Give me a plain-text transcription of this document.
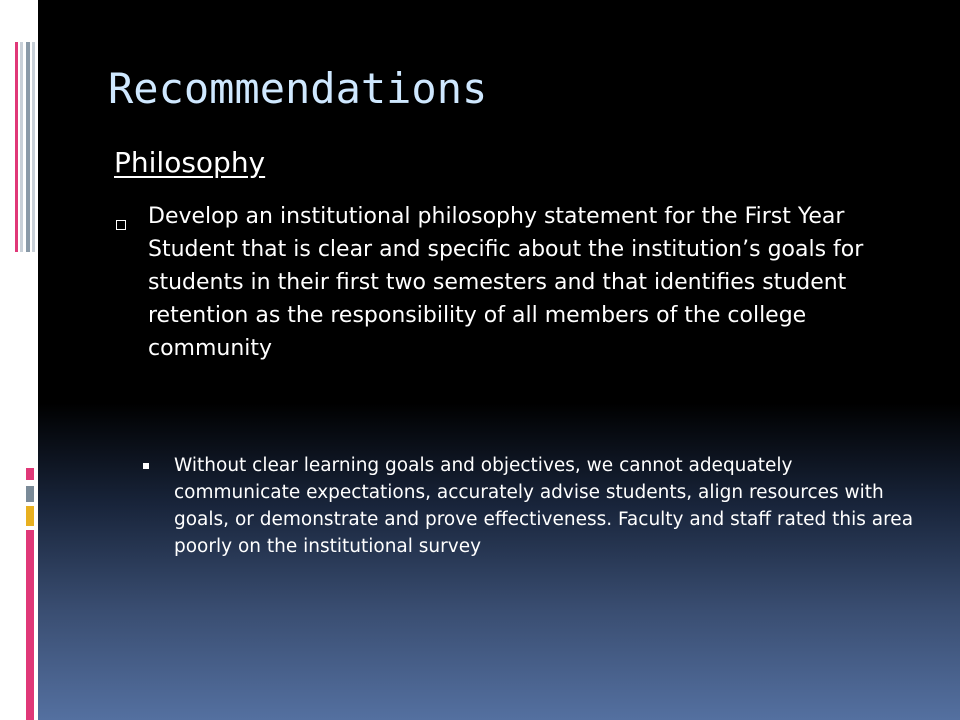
Recommendations
Philosophy

Develop an institutional philosophy statement for the First Year Student that is clear and specific about the institution’s goals for students in their first two semesters and that identifies student retention as the responsibility of all members of the college community

Without clear learning goals and objectives, we cannot adequately communicate expectations, accurately advise students, align resources with goals, or demonstrate and prove effectiveness. Faculty and staff rated this area poorly on the institutional survey
